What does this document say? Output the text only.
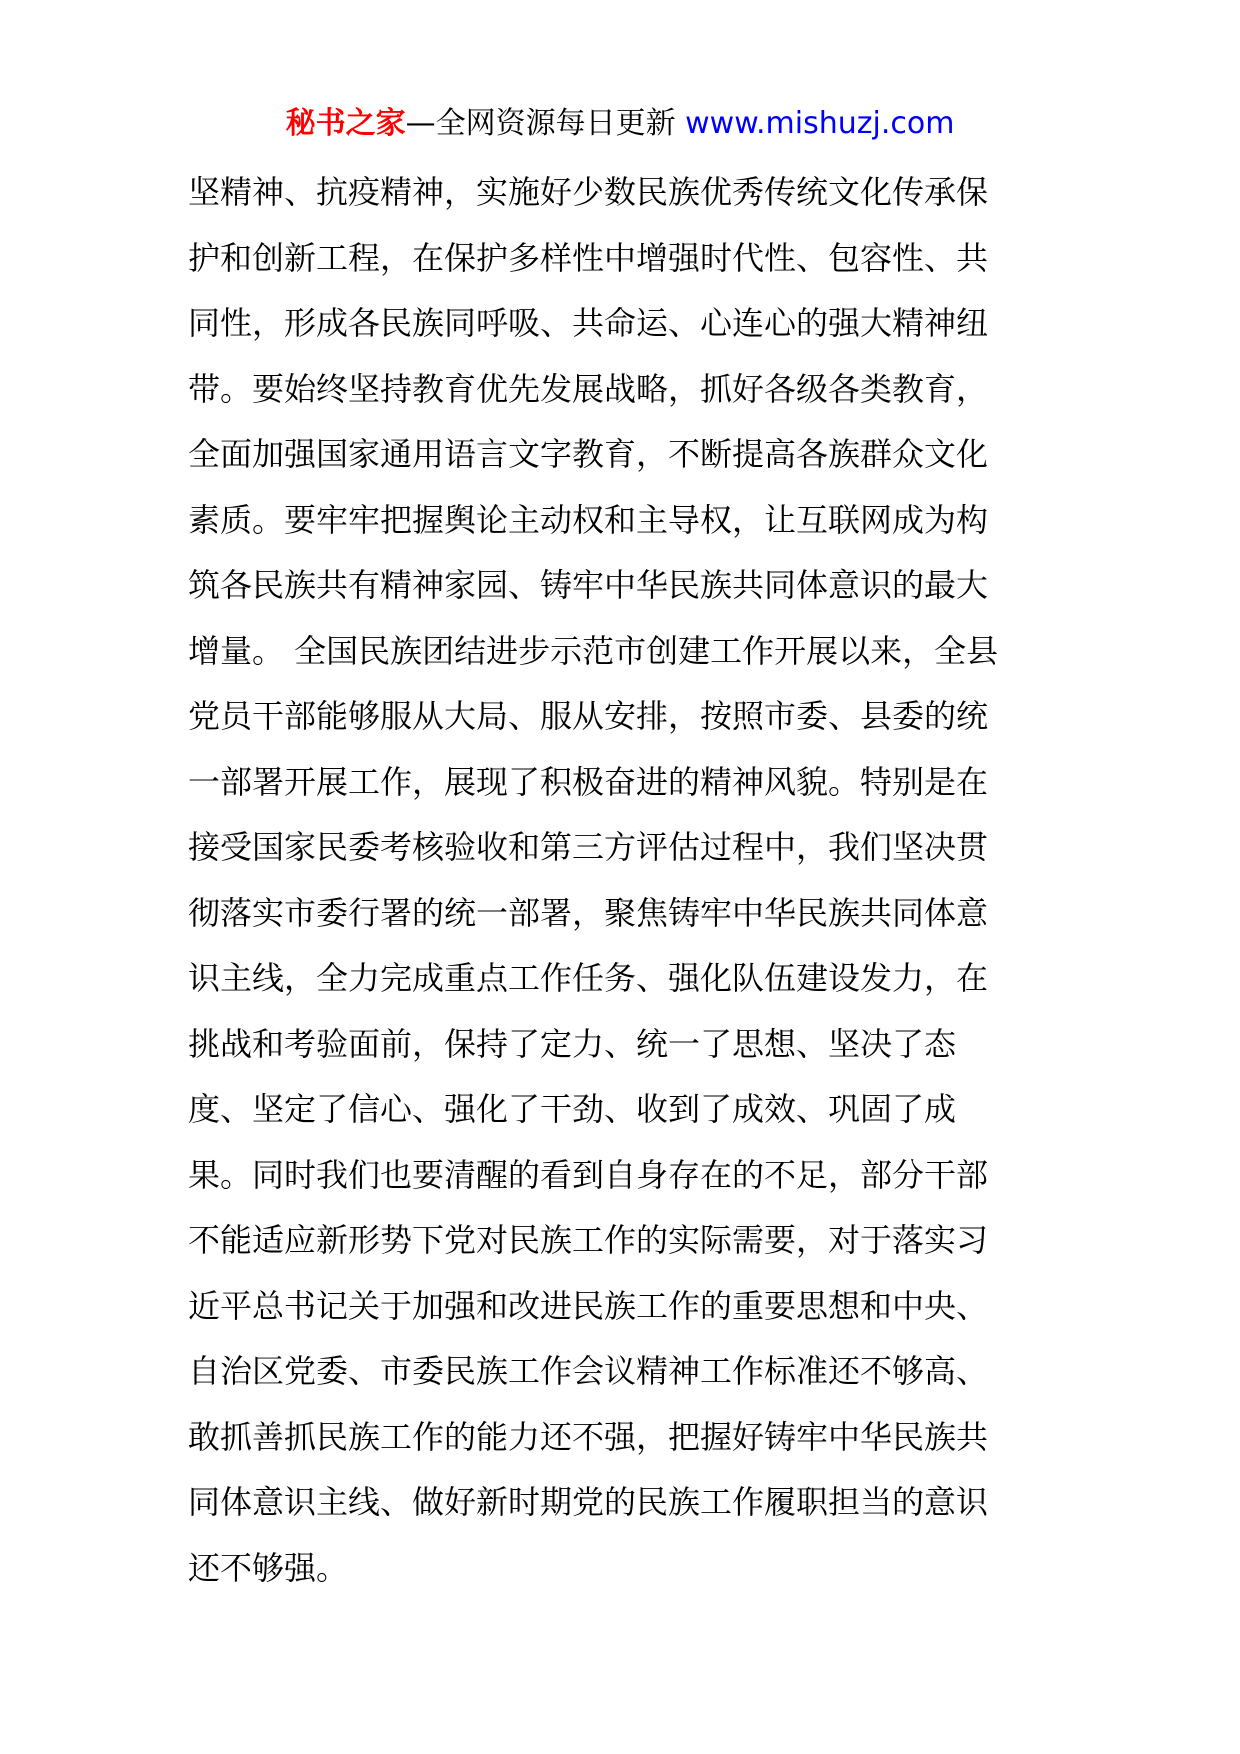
秘书之家—全网资源每日更新 www.mishuzj.com
坚精神、抗疫精神，实施好少数民族优秀传统文化传承保
护和创新工程，在保护多样性中增强时代性、包容性、共
同性，形成各民族同呼吸、共命运、心连心的强大精神纽
带。要始终坚持教育优先发展战略，抓好各级各类教育，
全面加强国家通用语言文字教育，不断提高各族群众文化
素质。要牢牢把握舆论主动权和主导权，让互联网成为构
筑各民族共有精神家园、铸牢中华民族共同体意识的最大
增量。 全国民族团结进步示范市创建工作开展以来，全县
党员干部能够服从大局、服从安排，按照市委、县委的统
一部署开展工作，展现了积极奋进的精神风貌。特别是在
接受国家民委考核验收和第三方评估过程中，我们坚决贯
彻落实市委行署的统一部署，聚焦铸牢中华民族共同体意
识主线，全力完成重点工作任务、强化队伍建设发力，在
挑战和考验面前，保持了定力、统一了思想、坚决了态
度、坚定了信心、强化了干劲、收到了成效、巩固了成
果。同时我们也要清醒的看到自身存在的不足，部分干部
不能适应新形势下党对民族工作的实际需要，对于落实习
近平总书记关于加强和改进民族工作的重要思想和中央、
自治区党委、市委民族工作会议精神工作标准还不够高、
敢抓善抓民族工作的能力还不强，把握好铸牢中华民族共
同体意识主线、做好新时期党的民族工作履职担当的意识
还不够强。
